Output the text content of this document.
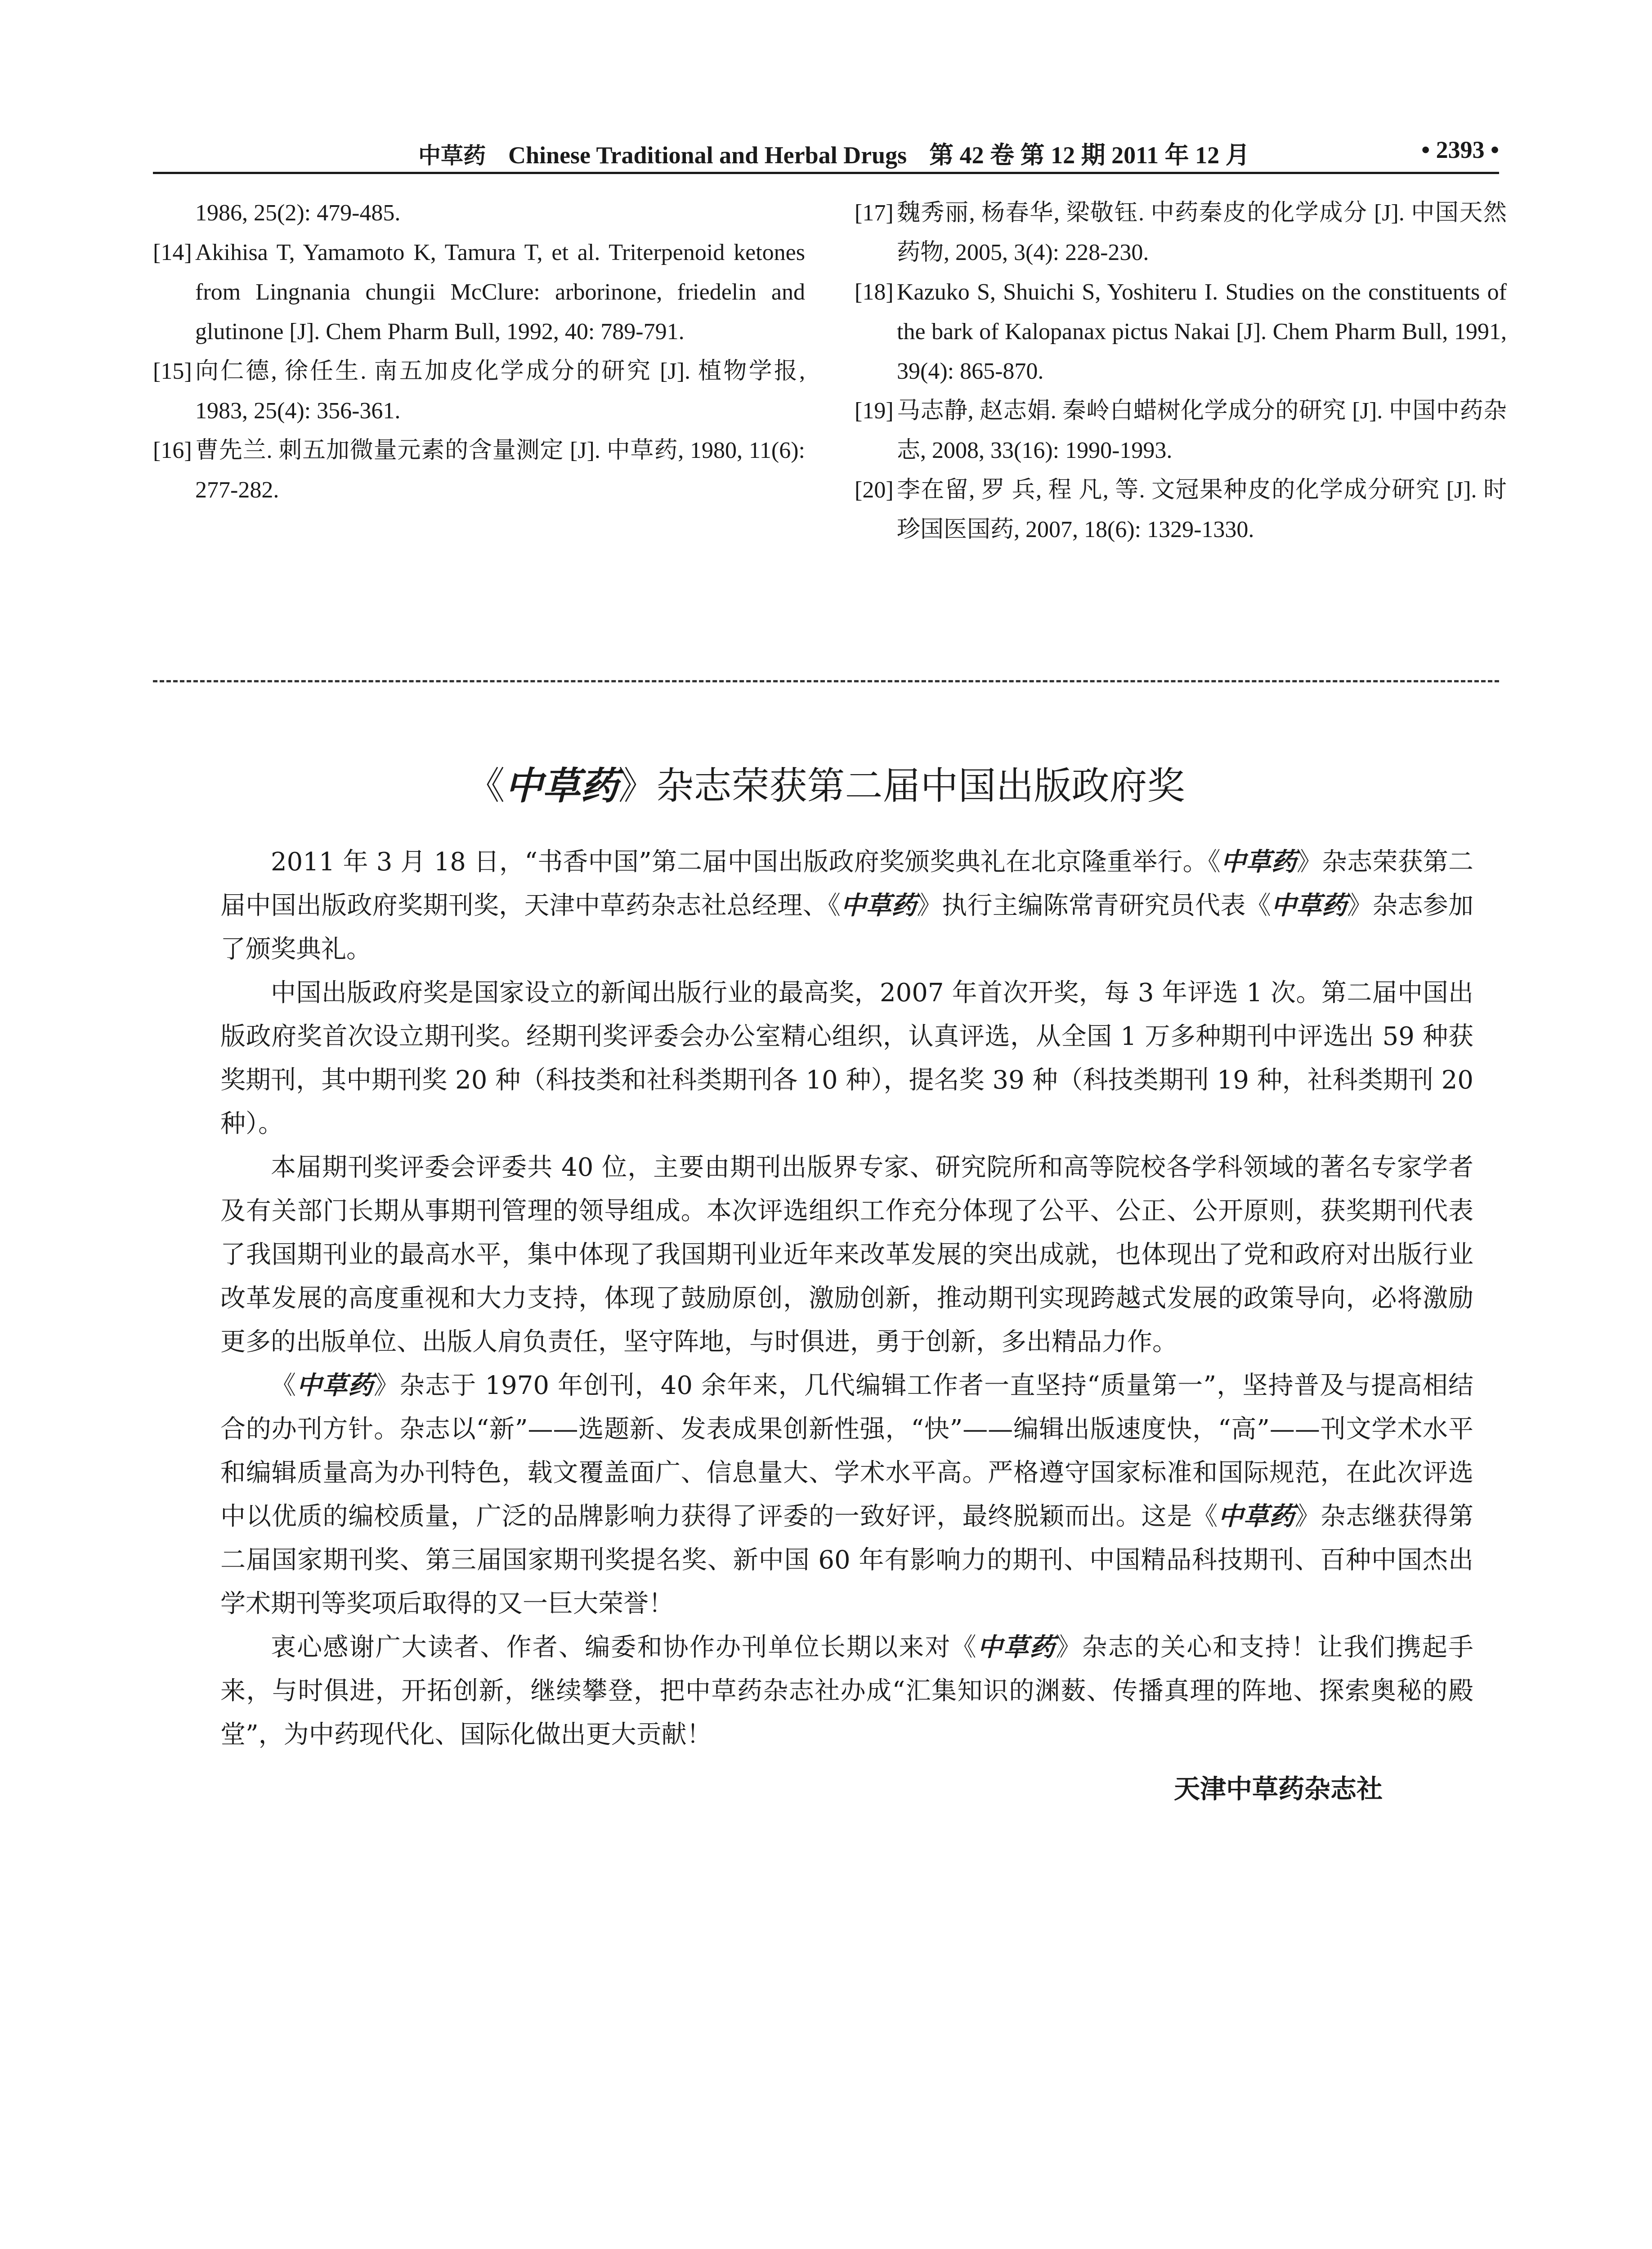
中草药 Chinese Traditional and Herbal Drugs 第 42 卷 第 12 期 2011 年 12 月	• 2393 •

1986, 25(2): 479-485.

[14] Akihisa T, Yamamoto K, Tamura T, et al. Triterpenoid ketones from Lingnania chungii McClure: arborinone, friedelin and glutinone [J]. Chem Pharm Bull, 1992, 40: 789-791.

[15] 向仁德, 徐任生. 南五加皮化学成分的研究 [J]. 植物学报, 1983, 25(4): 356-361.

[16] 曹先兰. 刺五加微量元素的含量测定 [J]. 中草药, 1980, 11(6): 277-282.

[17] 魏秀丽, 杨春华, 梁敬钰. 中药秦皮的化学成分 [J]. 中国天然药物, 2005, 3(4): 228-230.

[18] Kazuko S, Shuichi S, Yoshiteru I. Studies on the constituents of the bark of Kalopanax pictus Nakai [J]. Chem Pharm Bull, 1991, 39(4): 865-870.

[19] 马志静, 赵志娟. 秦岭白蜡树化学成分的研究 [J]. 中国中药杂志, 2008, 33(16): 1990-1993.

[20] 李在留, 罗 兵, 程 凡, 等. 文冠果种皮的化学成分研究 [J]. 时珍国医国药, 2007, 18(6): 1329-1330.

《中草药》杂志荣获第二届中国出版政府奖

2011 年 3 月 18 日，“书香中国”第二届中国出版政府奖颁奖典礼在北京隆重举行。《中草药》杂志荣获第二届中国出版政府奖期刊奖，天津中草药杂志社总经理、《中草药》执行主编陈常青研究员代表《中草药》杂志参加了颁奖典礼。

中国出版政府奖是国家设立的新闻出版行业的最高奖，2007 年首次开奖，每 3 年评选 1 次。第二届中国出版政府奖首次设立期刊奖。经期刊奖评委会办公室精心组织，认真评选，从全国 1 万多种期刊中评选出 59 种获奖期刊，其中期刊奖 20 种（科技类和社科类期刊各 10 种），提名奖 39 种（科技类期刊 19 种，社科类期刊 20 种）。

本届期刊奖评委会评委共 40 位，主要由期刊出版界专家、研究院所和高等院校各学科领域的著名专家学者及有关部门长期从事期刊管理的领导组成。本次评选组织工作充分体现了公平、公正、公开原则，获奖期刊代表了我国期刊业的最高水平，集中体现了我国期刊业近年来改革发展的突出成就，也体现出了党和政府对出版行业改革发展的高度重视和大力支持，体现了鼓励原创，激励创新，推动期刊实现跨越式发展的政策导向，必将激励更多的出版单位、出版人肩负责任，坚守阵地，与时俱进，勇于创新，多出精品力作。

《中草药》杂志于 1970 年创刊，40 余年来，几代编辑工作者一直坚持“质量第一”，坚持普及与提高相结合的办刊方针。杂志以“新”——选题新、发表成果创新性强，“快”——编辑出版速度快，“高”——刊文学术水平和编辑质量高为办刊特色，载文覆盖面广、信息量大、学术水平高。严格遵守国家标准和国际规范，在此次评选中以优质的编校质量，广泛的品牌影响力获得了评委的一致好评，最终脱颖而出。这是《中草药》杂志继获得第二届国家期刊奖、第三届国家期刊奖提名奖、新中国 60 年有影响力的期刊、中国精品科技期刊、百种中国杰出学术期刊等奖项后取得的又一巨大荣誉！

衷心感谢广大读者、作者、编委和协作办刊单位长期以来对《中草药》杂志的关心和支持！让我们携起手来，与时俱进，开拓创新，继续攀登，把中草药杂志社办成“汇集知识的渊薮、传播真理的阵地、探索奥秘的殿堂”，为中药现代化、国际化做出更大贡献！

天津中草药杂志社
